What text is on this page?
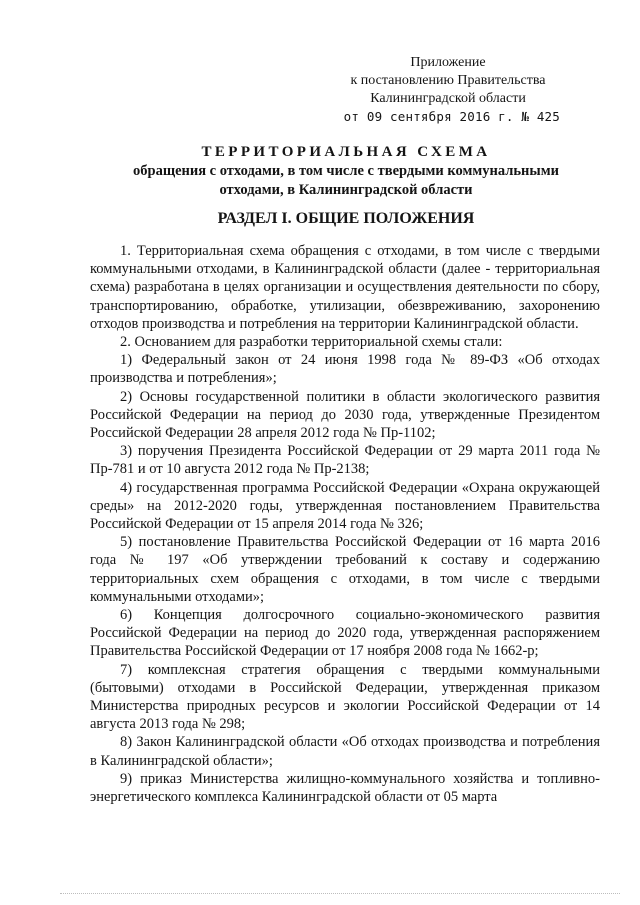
Приложение
к постановлению Правительства
Калининградской области
от 09 сентября 2016 г. № 425
ТЕРРИТОРИАЛЬНАЯ СХЕМА
обращения с отходами, в том числе с твердыми коммунальными
отходами, в Калининградской области
РАЗДЕЛ I. ОБЩИЕ ПОЛОЖЕНИЯ

1. Территориальная схема обращения с отходами, в том числе с твердыми коммунальными отходами, в Калининградской области (далее - территориальная схема) разработана в целях организации и осуществления деятельности по сбору, транспортированию, обработке, утилизации, обезвреживанию, захоронению отходов производства и потребления на территории Калининградской области.

2. Основанием для разработки территориальной схемы стали:

1) Федеральный закон от 24 июня 1998 года № 89-ФЗ «Об отходах производства и потребления»;

2) Основы государственной политики в области экологического развития Российской Федерации на период до 2030 года, утвержденные Президентом Российской Федерации 28 апреля 2012 года № Пр-1102;

3) поручения Президента Российской Федерации от 29 марта 2011 года № Пр-781 и от 10 августа 2012 года № Пр-2138;

4) государственная программа Российской Федерации «Охрана окружающей среды» на 2012-2020 годы, утвержденная постановлением Правительства Российской Федерации от 15 апреля 2014 года № 326;

5) постановление Правительства Российской Федерации от 16 марта 2016 года № 197 «Об утверждении требований к составу и содержанию территориальных схем обращения с отходами, в том числе с твердыми коммунальными отходами»;

6) Концепция долгосрочного социально-экономического развития Российской Федерации на период до 2020 года, утвержденная распоряжением Правительства Российской Федерации от 17 ноября 2008 года № 1662-р;

7) комплексная стратегия обращения с твердыми коммунальными (бытовыми) отходами в Российской Федерации, утвержденная приказом Министерства природных ресурсов и экологии Российской Федерации от 14 августа 2013 года № 298;

8) Закон Калининградской области «Об отходах производства и потребления в Калининградской области»;

9) приказ Министерства жилищно-коммунального хозяйства и топливно-энергетического комплекса Калининградской области от 05 марта
